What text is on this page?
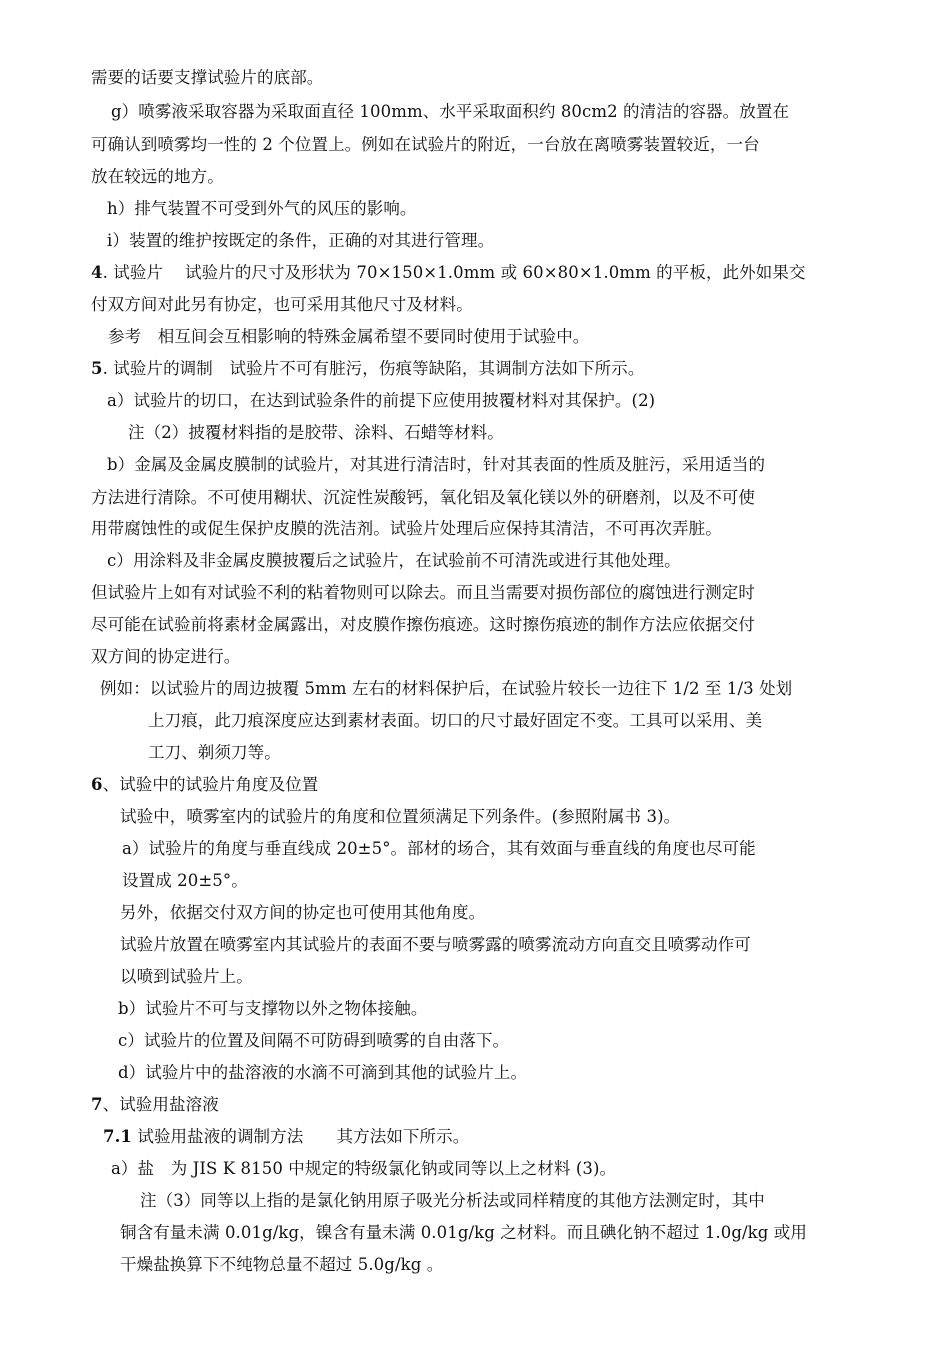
需要的话要支撑试验片的底部。
g）喷雾液采取容器为采取面直径 100mm、水平采取面积约 80cm2 的清洁的容器。放置在
可确认到喷雾均一性的 2 个位置上。例如在试验片的附近，一台放在离喷雾装置较近，一台
放在较远的地方。
h）排气装置不可受到外气的风压的影响。
i）装置的维护按既定的条件，正确的对其进行管理。
4. 试验片　 试验片的尺寸及形状为 70×150×1.0mm 或 60×80×1.0mm 的平板，此外如果交
付双方间对此另有协定，也可采用其他尺寸及材料。
参考　相互间会互相影响的特殊金属希望不要同时使用于试验中。
5. 试验片的调制　试验片不可有脏污，伤痕等缺陷，其调制方法如下所示。
a）试验片的切口，在达到试验条件的前提下应使用披覆材料对其保护。(2)
注（2）披覆材料指的是胶带、涂料、石蜡等材料。
b）金属及金属皮膜制的试验片，对其进行清洁时，针对其表面的性质及脏污，采用适当的
方法进行清除。不可使用糊状、沉淀性炭酸钙，氧化铝及氧化镁以外的研磨剂，以及不可使
用带腐蚀性的或促生保护皮膜的洗洁剂。试验片处理后应保持其清洁，不可再次弄脏。
c）用涂料及非金属皮膜披覆后之试验片，在试验前不可清洗或进行其他处理。
但试验片上如有对试验不利的粘着物则可以除去。而且当需要对损伤部位的腐蚀进行测定时
尽可能在试验前将素材金属露出，对皮膜作擦伤痕迹。这时擦伤痕迹的制作方法应依据交付
双方间的协定进行。
例如：以试验片的周边披覆 5mm 左右的材料保护后，在试验片较长一边往下 1/2 至 1/3 处划
上刀痕，此刀痕深度应达到素材表面。切口的尺寸最好固定不变。工具可以采用、美
工刀、剃须刀等。
6、试验中的试验片角度及位置
试验中，喷雾室内的试验片的角度和位置须满足下列条件。(参照附属书 3)。
a）试验片的角度与垂直线成 20±5°。部材的场合，其有效面与垂直线的角度也尽可能
设置成 20±5°。
另外，依据交付双方间的协定也可使用其他角度。
试验片放置在喷雾室内其试验片的表面不要与喷雾露的喷雾流动方向直交且喷雾动作可
以喷到试验片上。
b）试验片不可与支撑物以外之物体接触。
c）试验片的位置及间隔不可防碍到喷雾的自由落下。
d）试验片中的盐溶液的水滴不可滴到其他的试验片上。
7、试验用盐溶液
7.1 试验用盐液的调制方法　　其方法如下所示。
a）盐　为 JIS K 8150 中规定的特级氯化钠或同等以上之材料 (3)。
注（3）同等以上指的是氯化钠用原子吸光分析法或同样精度的其他方法测定时，其中
铜含有量未满 0.01g/kg，镍含有量未满 0.01g/kg 之材料。而且碘化钠不超过 1.0g/kg 或用
干燥盐换算下不纯物总量不超过 5.0g/kg 。
